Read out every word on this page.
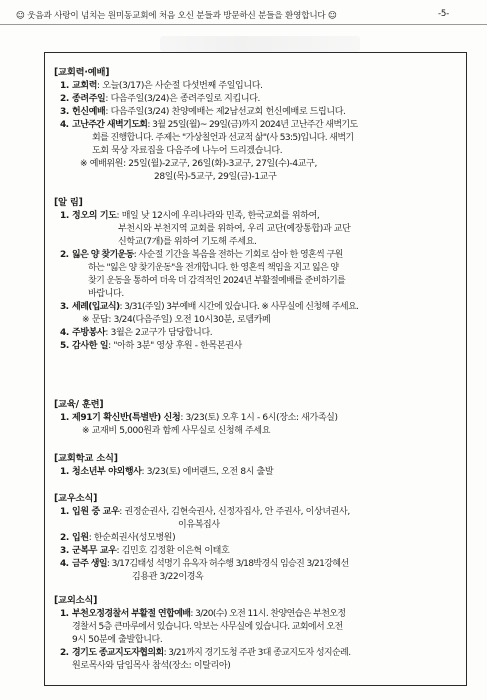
☺ 웃음과 사랑이 넘치는 원미동교회에 처음 오신 분들과 방문하신 분들을 환영합니다 ☺	-5-
[교회력·예배]
1. 교회력: 오늘(3/17)은 사순절 다섯번째 주일입니다.
2. 종려주일: 다음주일(3/24)은 종려주일로 지킵니다.
3. 헌신예배: 다음주일(3/24) 찬양예배는 제2남선교회 헌신예배로 드립니다.
4. 고난주간 새벽기도회: 3월 25일(월)~ 29일(금)까지 2024년 고난주간 새벽기도
회를 진행합니다. 주제는 "가상칠언과 선교적 삶"(사 53:5)입니다. 새벽기
도회 묵상 자료집을 다음주에 나누어 드리겠습니다.
※ 예배위원: 25일(월)-2교구, 26일(화)-3교구, 27일(수)-4교구,
28일(목)-5교구, 29일(금)-1교구
[알 림]
1. 정오의 기도: 매일 낮 12시에 우리나라와 민족, 한국교회를 위하여,
부천시와 부천지역 교회를 위하여, 우리 교단(예장통합)과 교단
신학교(7개)를 위하여 기도해 주세요.
2. 잃은 양 찾기운동: 사순절 기간을 복음을 전하는 기회로 삼아 한 영혼씩 구원
하는 "잃은 양 찾기운동"을 전개합니다. 한 영혼씩 책임을 지고 잃은 양
찾기 운동을 통하여 더욱 더 감격적인 2024년 부활절예배를 준비하기를
바랍니다.
3. 세례(입교식): 3/31(주일) 3부예배 시간에 있습니다. ※ 사무실에 신청해 주세요.
※ 문답: 3/24(다음주일) 오전 10시30분, 로뎀카페
4. 주방봉사: 3월은 2교구가 담당합니다.
5. 감사한 일: "아하 3분" 영상 후원 - 한목본권사
[교육/ 훈련]
1. 제91기 확신반(특별반) 신청: 3/23(토) 오후 1시 - 6시(장소: 새가족실)
※ 교재비 5,000원과 함께 사무실로 신청해 주세요
[교회학교 소식]
1. 청소년부 야외행사: 3/23(토) 에버랜드, 오전 8시 출발
[교우소식]
1. 입원 중 교우: 권정순권사, 김현숙권사, 신정자집사, 안 주권사, 이상녀권사,
이유복집사
2. 입원: 한순희권사(성모병원)
3. 군복무 교우: 김민호 김정환 이은혁 이태호
4. 금주 생일: 3/17김태성 석명기 유옥자 허수행 3/18박경식 임승진 3/21강혜선
김용관 3/22이경옥
[교외소식]
1. 부천오정경찰서 부활절 연합예배: 3/20(수) 오전 11시. 찬양연습은 부천오정
경찰서 5층 큰마루에서 있습니다. 악보는 사무실에 있습니다. 교회에서 오전
9시 50분에 출발합니다.
2. 경기도 종교지도자협의회: 3/21까지 경기도청 주관 3대 종교지도자 성지순례.
원로목사와 담임목사 참석(장소: 이탈리아)
